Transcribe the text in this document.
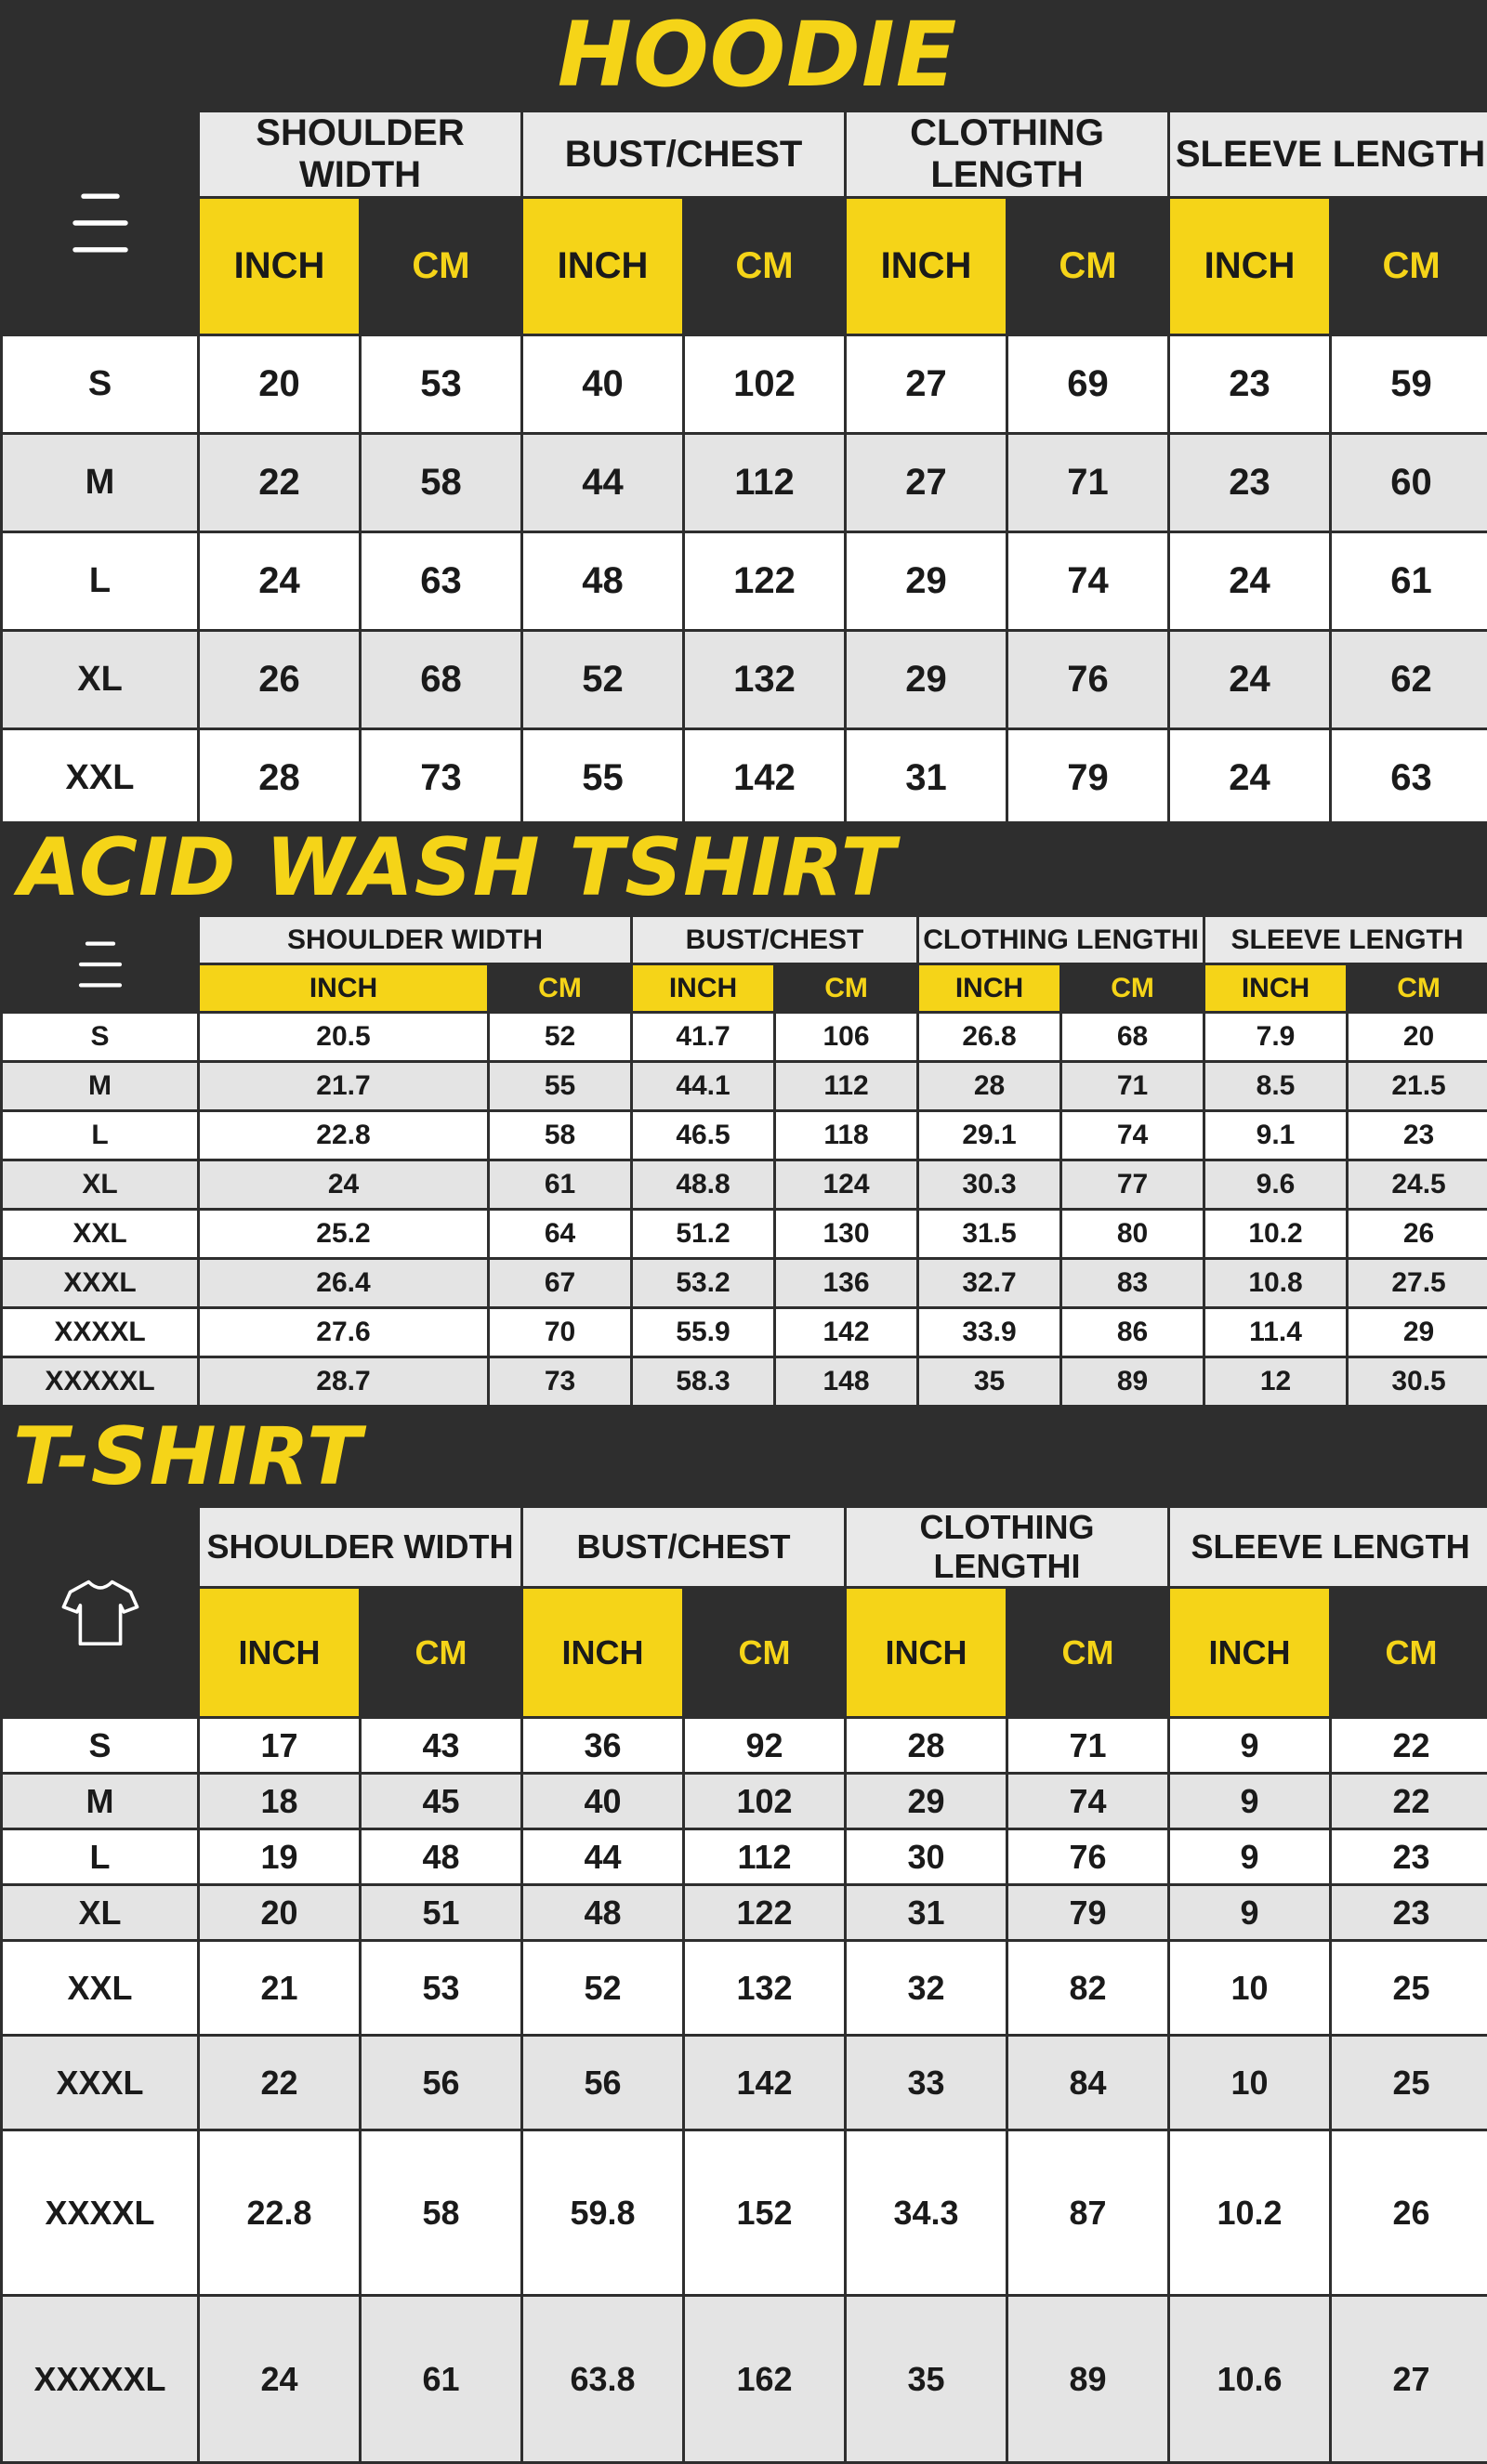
HOODIE
	SHOULDER WIDTH		BUST/CHEST		CLOTHING LENGTH		SLEEVE LENGTH	
	INCH	CM	INCH	CM	INCH	CM	INCH	CM
S	20	53	40	102	27	69	23	59
M	22	58	44	112	27	71	23	60
L	24	63	48	122	29	74	24	61
XL	26	68	52	132	29	76	24	62
XXL	28	73	55	142	31	79	24	63
ACID WASH TSHIRT
	SHOULDER WIDTH		BUST/CHEST		CLOTHING LENGTHI		SLEEVE LENGTH	
	INCH	CM	INCH	CM	INCH	CM	INCH	CM
S	20.5	52	41.7	106	26.8	68	7.9	20
M	21.7	55	44.1	112	28	71	8.5	21.5
L	22.8	58	46.5	118	29.1	74	9.1	23
XL	24	61	48.8	124	30.3	77	9.6	24.5
XXL	25.2	64	51.2	130	31.5	80	10.2	26
XXXL	26.4	67	53.2	136	32.7	83	10.8	27.5
XXXXL	27.6	70	55.9	142	33.9	86	11.4	29
XXXXXL	28.7	73	58.3	148	35	89	12	30.5
T-SHIRT
	SHOULDER WIDTH		BUST/CHEST		CLOTHING LENGTHI		SLEEVE LENGTH	
	INCH	CM	INCH	CM	INCH	CM	INCH	CM
S	17	43	36	92	28	71	9	22
M	18	45	40	102	29	74	9	22
L	19	48	44	112	30	76	9	23
XL	20	51	48	122	31	79	9	23
XXL	21	53	52	132	32	82	10	25
XXXL	22	56	56	142	33	84	10	25
XXXXL	22.8	58	59.8	152	34.3	87	10.2	26
XXXXXL	24	61	63.8	162	35	89	10.6	27
